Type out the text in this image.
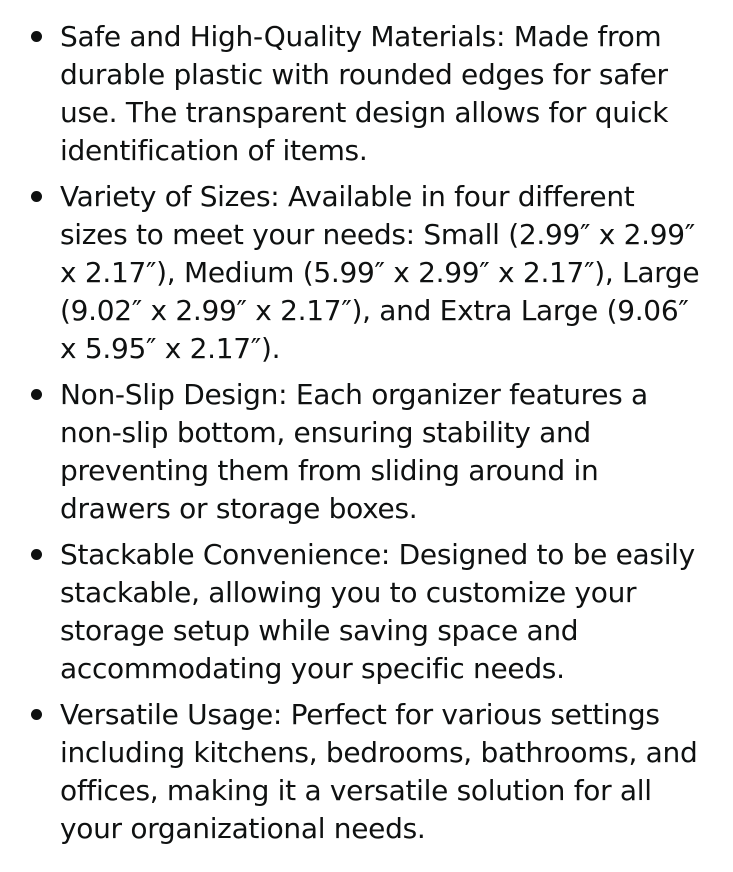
Safe and High-Quality Materials: Made from durable plastic with rounded edges for safer use. The transparent design allows for quick identification of items.
Variety of Sizes: Available in four different sizes to meet your needs: Small (2.99″ x 2.99″ x 2.17″), Medium (5.99″ x 2.99″ x 2.17″), Large (9.02″ x 2.99″ x 2.17″), and Extra Large (9.06″ x 5.95″ x 2.17″).
Non-Slip Design: Each organizer features a non-slip bottom, ensuring stability and preventing them from sliding around in drawers or storage boxes.
Stackable Convenience: Designed to be easily stackable, allowing you to customize your storage setup while saving space and accommodating your specific needs.
Versatile Usage: Perfect for various settings including kitchens, bedrooms, bathrooms, and offices, making it a versatile solution for all your organizational needs.
